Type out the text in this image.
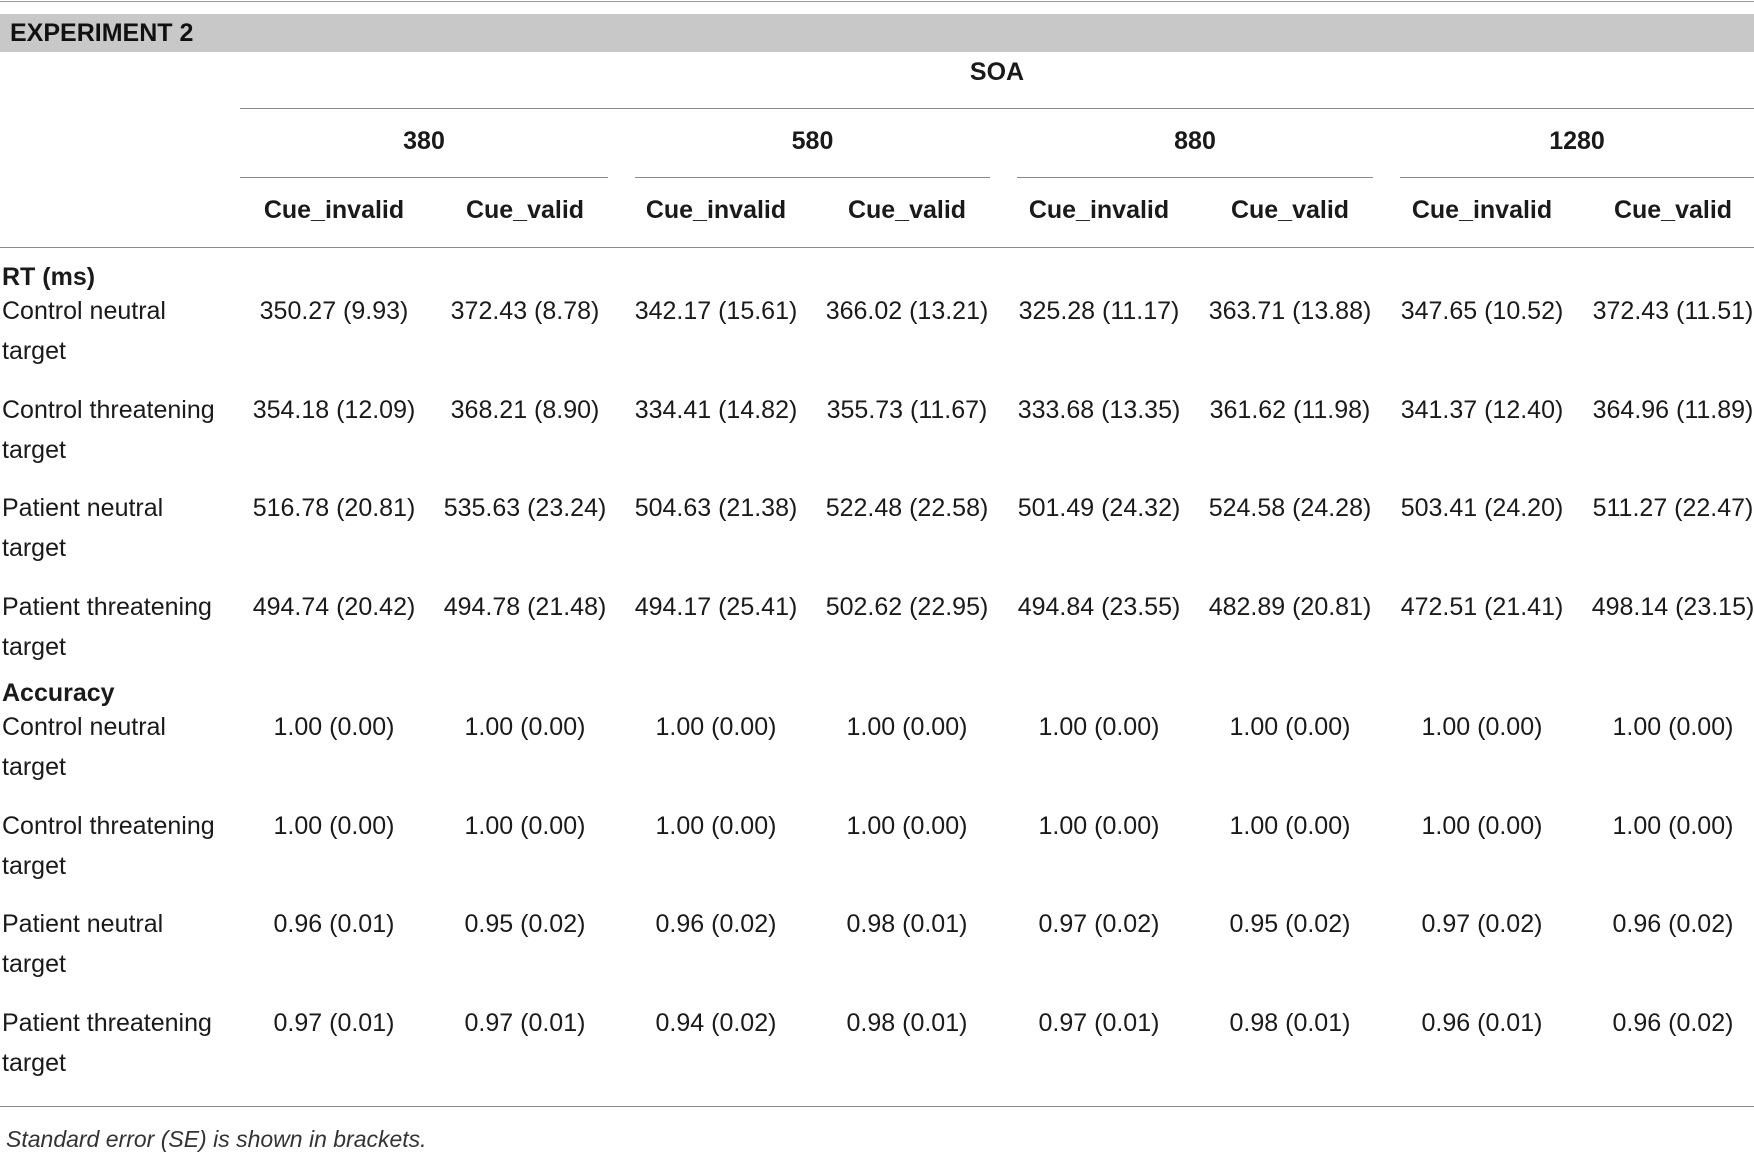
EXPERIMENT 2
SOA
380	580	880	1280
Cue_invalid	Cue_valid	Cue_invalid	Cue_valid	Cue_invalid	Cue_valid	Cue_invalid	Cue_valid
RT (ms)
Control neutral target
350.27 (9.93)	372.43 (8.78)	342.17 (15.61)	366.02 (13.21)	325.28 (11.17)	363.71 (13.88)	347.65 (10.52)	372.43 (11.51)
Control threatening target
354.18 (12.09)	368.21 (8.90)	334.41 (14.82)	355.73 (11.67)	333.68 (13.35)	361.62 (11.98)	341.37 (12.40)	364.96 (11.89)
Patient neutral target
516.78 (20.81)	535.63 (23.24)	504.63 (21.38)	522.48 (22.58)	501.49 (24.32)	524.58 (24.28)	503.41 (24.20)	511.27 (22.47)
Patient threatening target
494.74 (20.42)	494.78 (21.48)	494.17 (25.41)	502.62 (22.95)	494.84 (23.55)	482.89 (20.81)	472.51 (21.41)	498.14 (23.15)
Accuracy
Control neutral target
1.00 (0.00)	1.00 (0.00)	1.00 (0.00)	1.00 (0.00)	1.00 (0.00)	1.00 (0.00)	1.00 (0.00)	1.00 (0.00)
Control threatening target
1.00 (0.00)	1.00 (0.00)	1.00 (0.00)	1.00 (0.00)	1.00 (0.00)	1.00 (0.00)	1.00 (0.00)	1.00 (0.00)
Patient neutral target
0.96 (0.01)	0.95 (0.02)	0.96 (0.02)	0.98 (0.01)	0.97 (0.02)	0.95 (0.02)	0.97 (0.02)	0.96 (0.02)
Patient threatening target
0.97 (0.01)	0.97 (0.01)	0.94 (0.02)	0.98 (0.01)	0.97 (0.01)	0.98 (0.01)	0.96 (0.01)	0.96 (0.02)
Standard error (SE) is shown in brackets.
